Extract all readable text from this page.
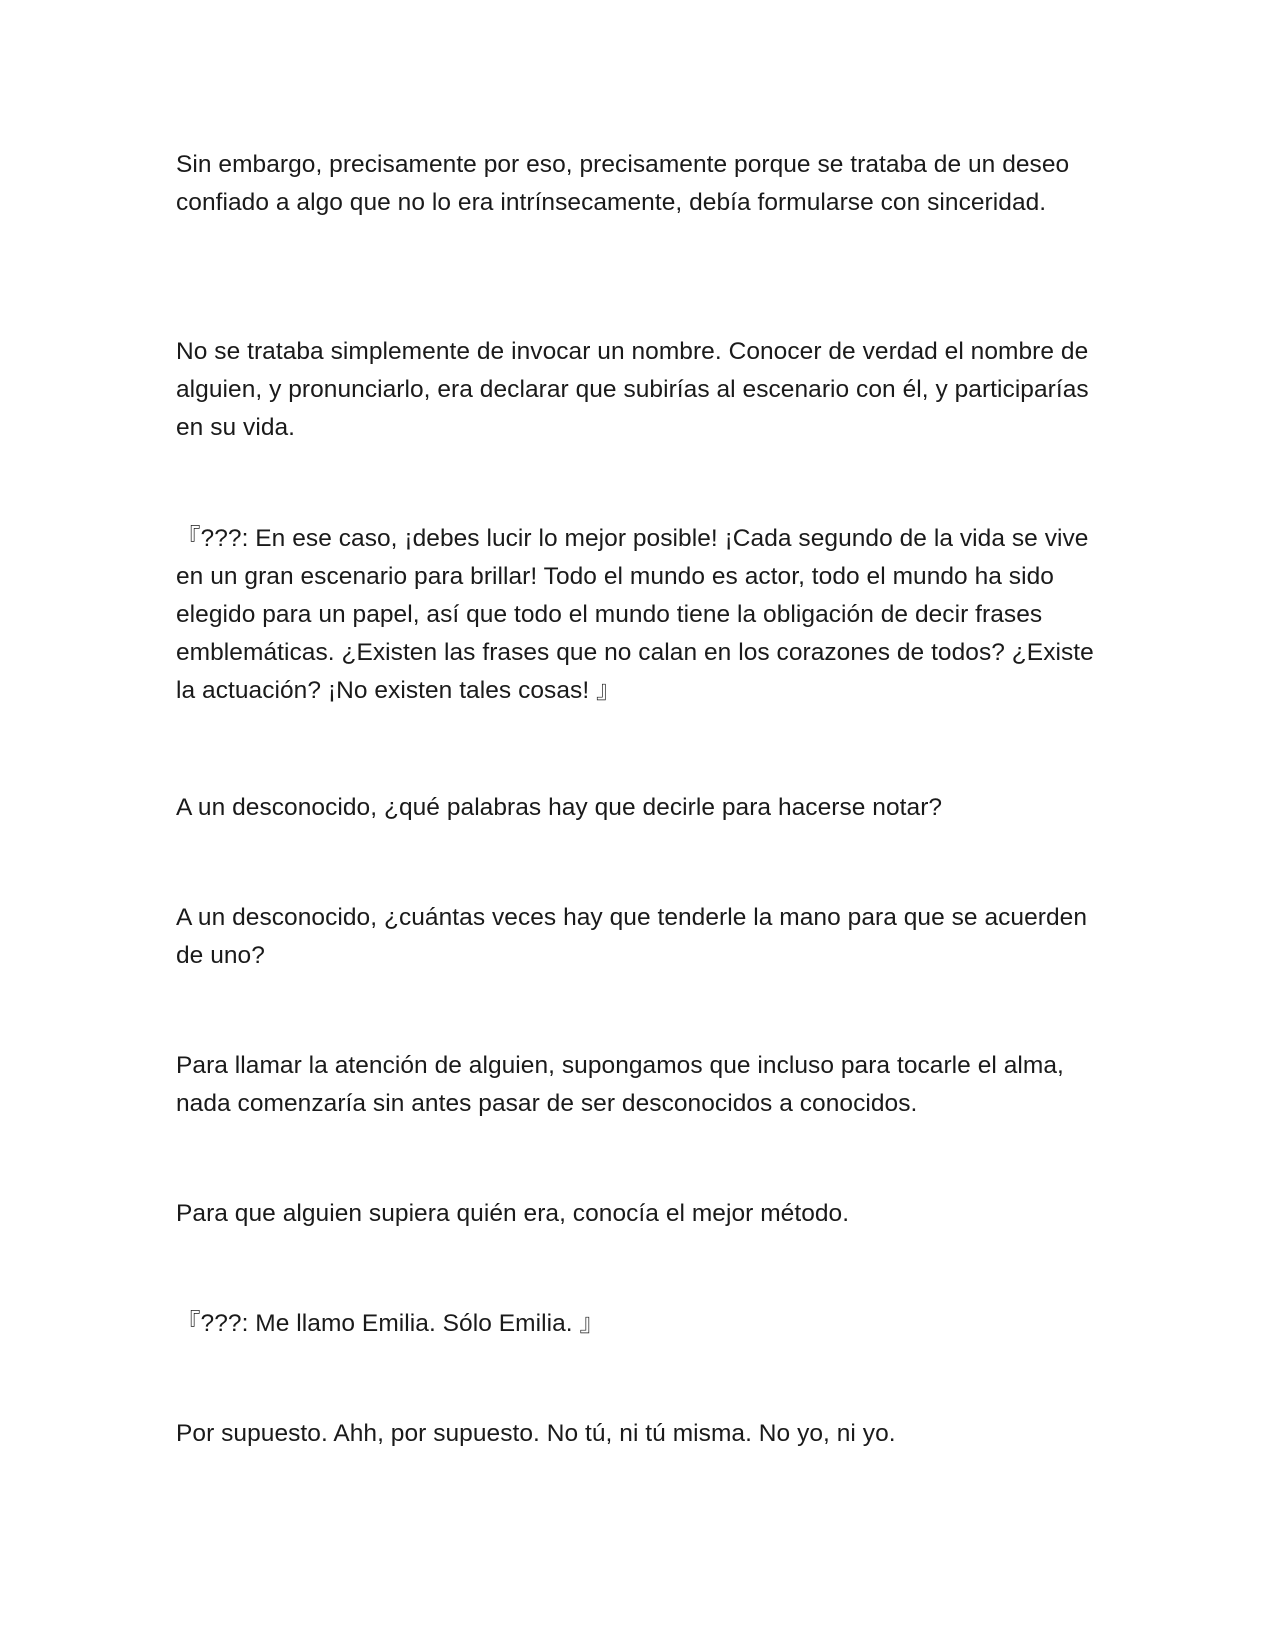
Sin embargo, precisamente por eso, precisamente porque se trataba de un deseo confiado a algo que no lo era intrínsecamente, debía formularse con sinceridad.

No se trataba simplemente de invocar un nombre. Conocer de verdad el nombre de alguien, y pronunciarlo, era declarar que subirías al escenario con él, y participarías en su vida.

『???: En ese caso, ¡debes lucir lo mejor posible! ¡Cada segundo de la vida se vive en un gran escenario para brillar! Todo el mundo es actor, todo el mundo ha sido elegido para un papel, así que todo el mundo tiene la obligación de decir frases emblemáticas. ¿Existen las frases que no calan en los corazones de todos? ¿Existe la actuación? ¡No existen tales cosas! 』

A un desconocido, ¿qué palabras hay que decirle para hacerse notar?

A un desconocido, ¿cuántas veces hay que tenderle la mano para que se acuerden de uno?

Para llamar la atención de alguien, supongamos que incluso para tocarle el alma, nada comenzaría sin antes pasar de ser desconocidos a conocidos.

Para que alguien supiera quién era, conocía el mejor método.

『???: Me llamo Emilia. Sólo Emilia. 』

Por supuesto. Ahh, por supuesto. No tú, ni tú misma. No yo, ni yo.
